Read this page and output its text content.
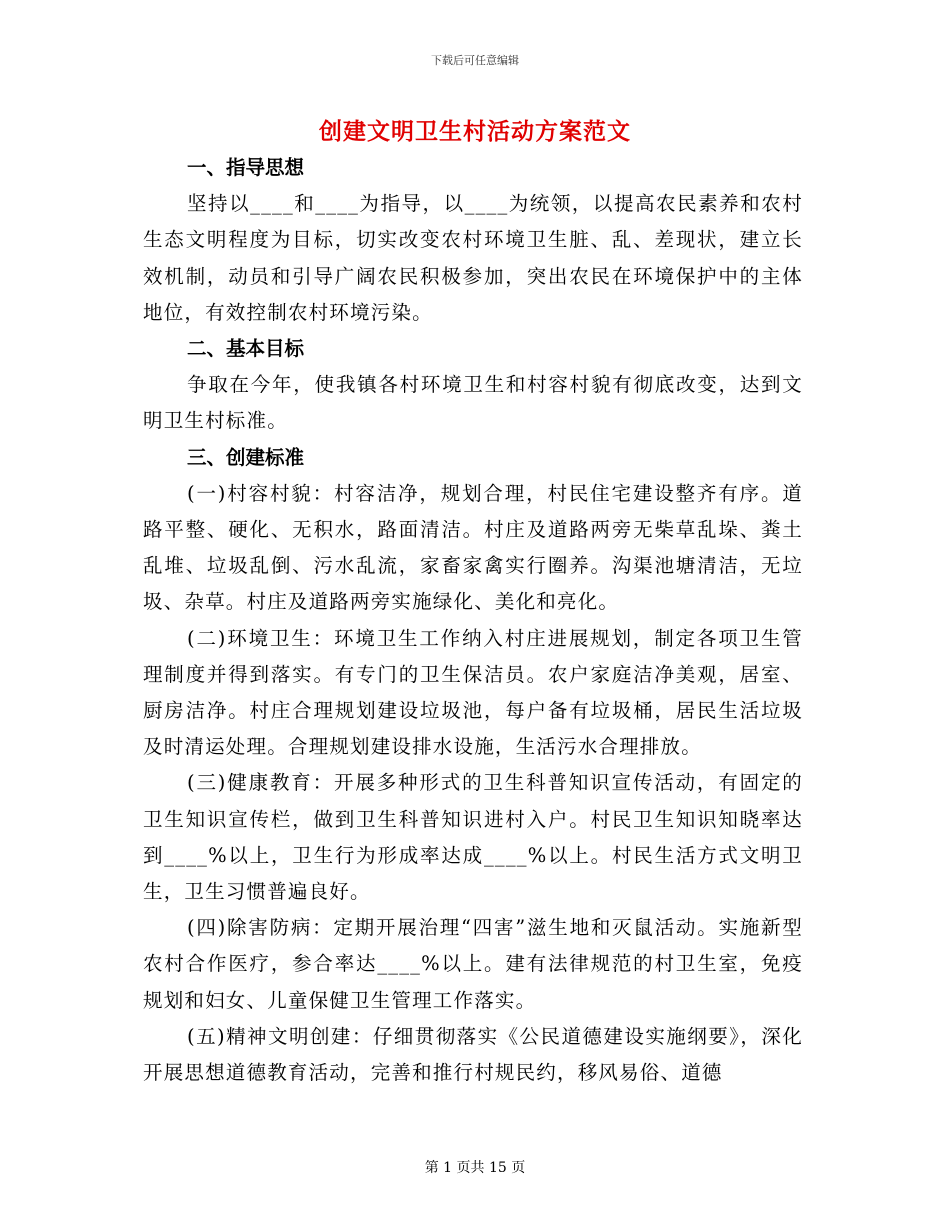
下载后可任意编辑
创建文明卫生村活动方案范文

一、指导思想

坚持以____和____为指导，以____为统领，以提高农民素养和农村生态文明程度为目标，切实改变农村环境卫生脏、乱、差现状，建立长效机制，动员和引导广阔农民积极参加，突出农民在环境保护中的主体地位，有效控制农村环境污染。

二、基本目标

争取在今年，使我镇各村环境卫生和村容村貌有彻底改变，达到文明卫生村标准。

三、创建标准

(一)村容村貌：村容洁净，规划合理，村民住宅建设整齐有序。道路平整、硬化、无积水，路面清洁。村庄及道路两旁无柴草乱垛、粪土乱堆、垃圾乱倒、污水乱流，家畜家禽实行圈养。沟渠池塘清洁，无垃圾、杂草。村庄及道路两旁实施绿化、美化和亮化。

(二)环境卫生：环境卫生工作纳入村庄进展规划，制定各项卫生管理制度并得到落实。有专门的卫生保洁员。农户家庭洁净美观，居室、厨房洁净。村庄合理规划建设垃圾池，每户备有垃圾桶，居民生活垃圾及时清运处理。合理规划建设排水设施，生活污水合理排放。

(三)健康教育：开展多种形式的卫生科普知识宣传活动，有固定的卫生知识宣传栏，做到卫生科普知识进村入户。村民卫生知识知晓率达到____%以上，卫生行为形成率达成____%以上。村民生活方式文明卫生，卫生习惯普遍良好。

(四)除害防病：定期开展治理“四害”滋生地和灭鼠活动。实施新型农村合作医疗，参合率达____%以上。建有法律规范的村卫生室，免疫规划和妇女、儿童保健卫生管理工作落实。

(五)精神文明创建：仔细贯彻落实《公民道德建设实施纲要》，深化开展思想道德教育活动，完善和推行村规民约，移风易俗、道德

第 1 页共 15 页
